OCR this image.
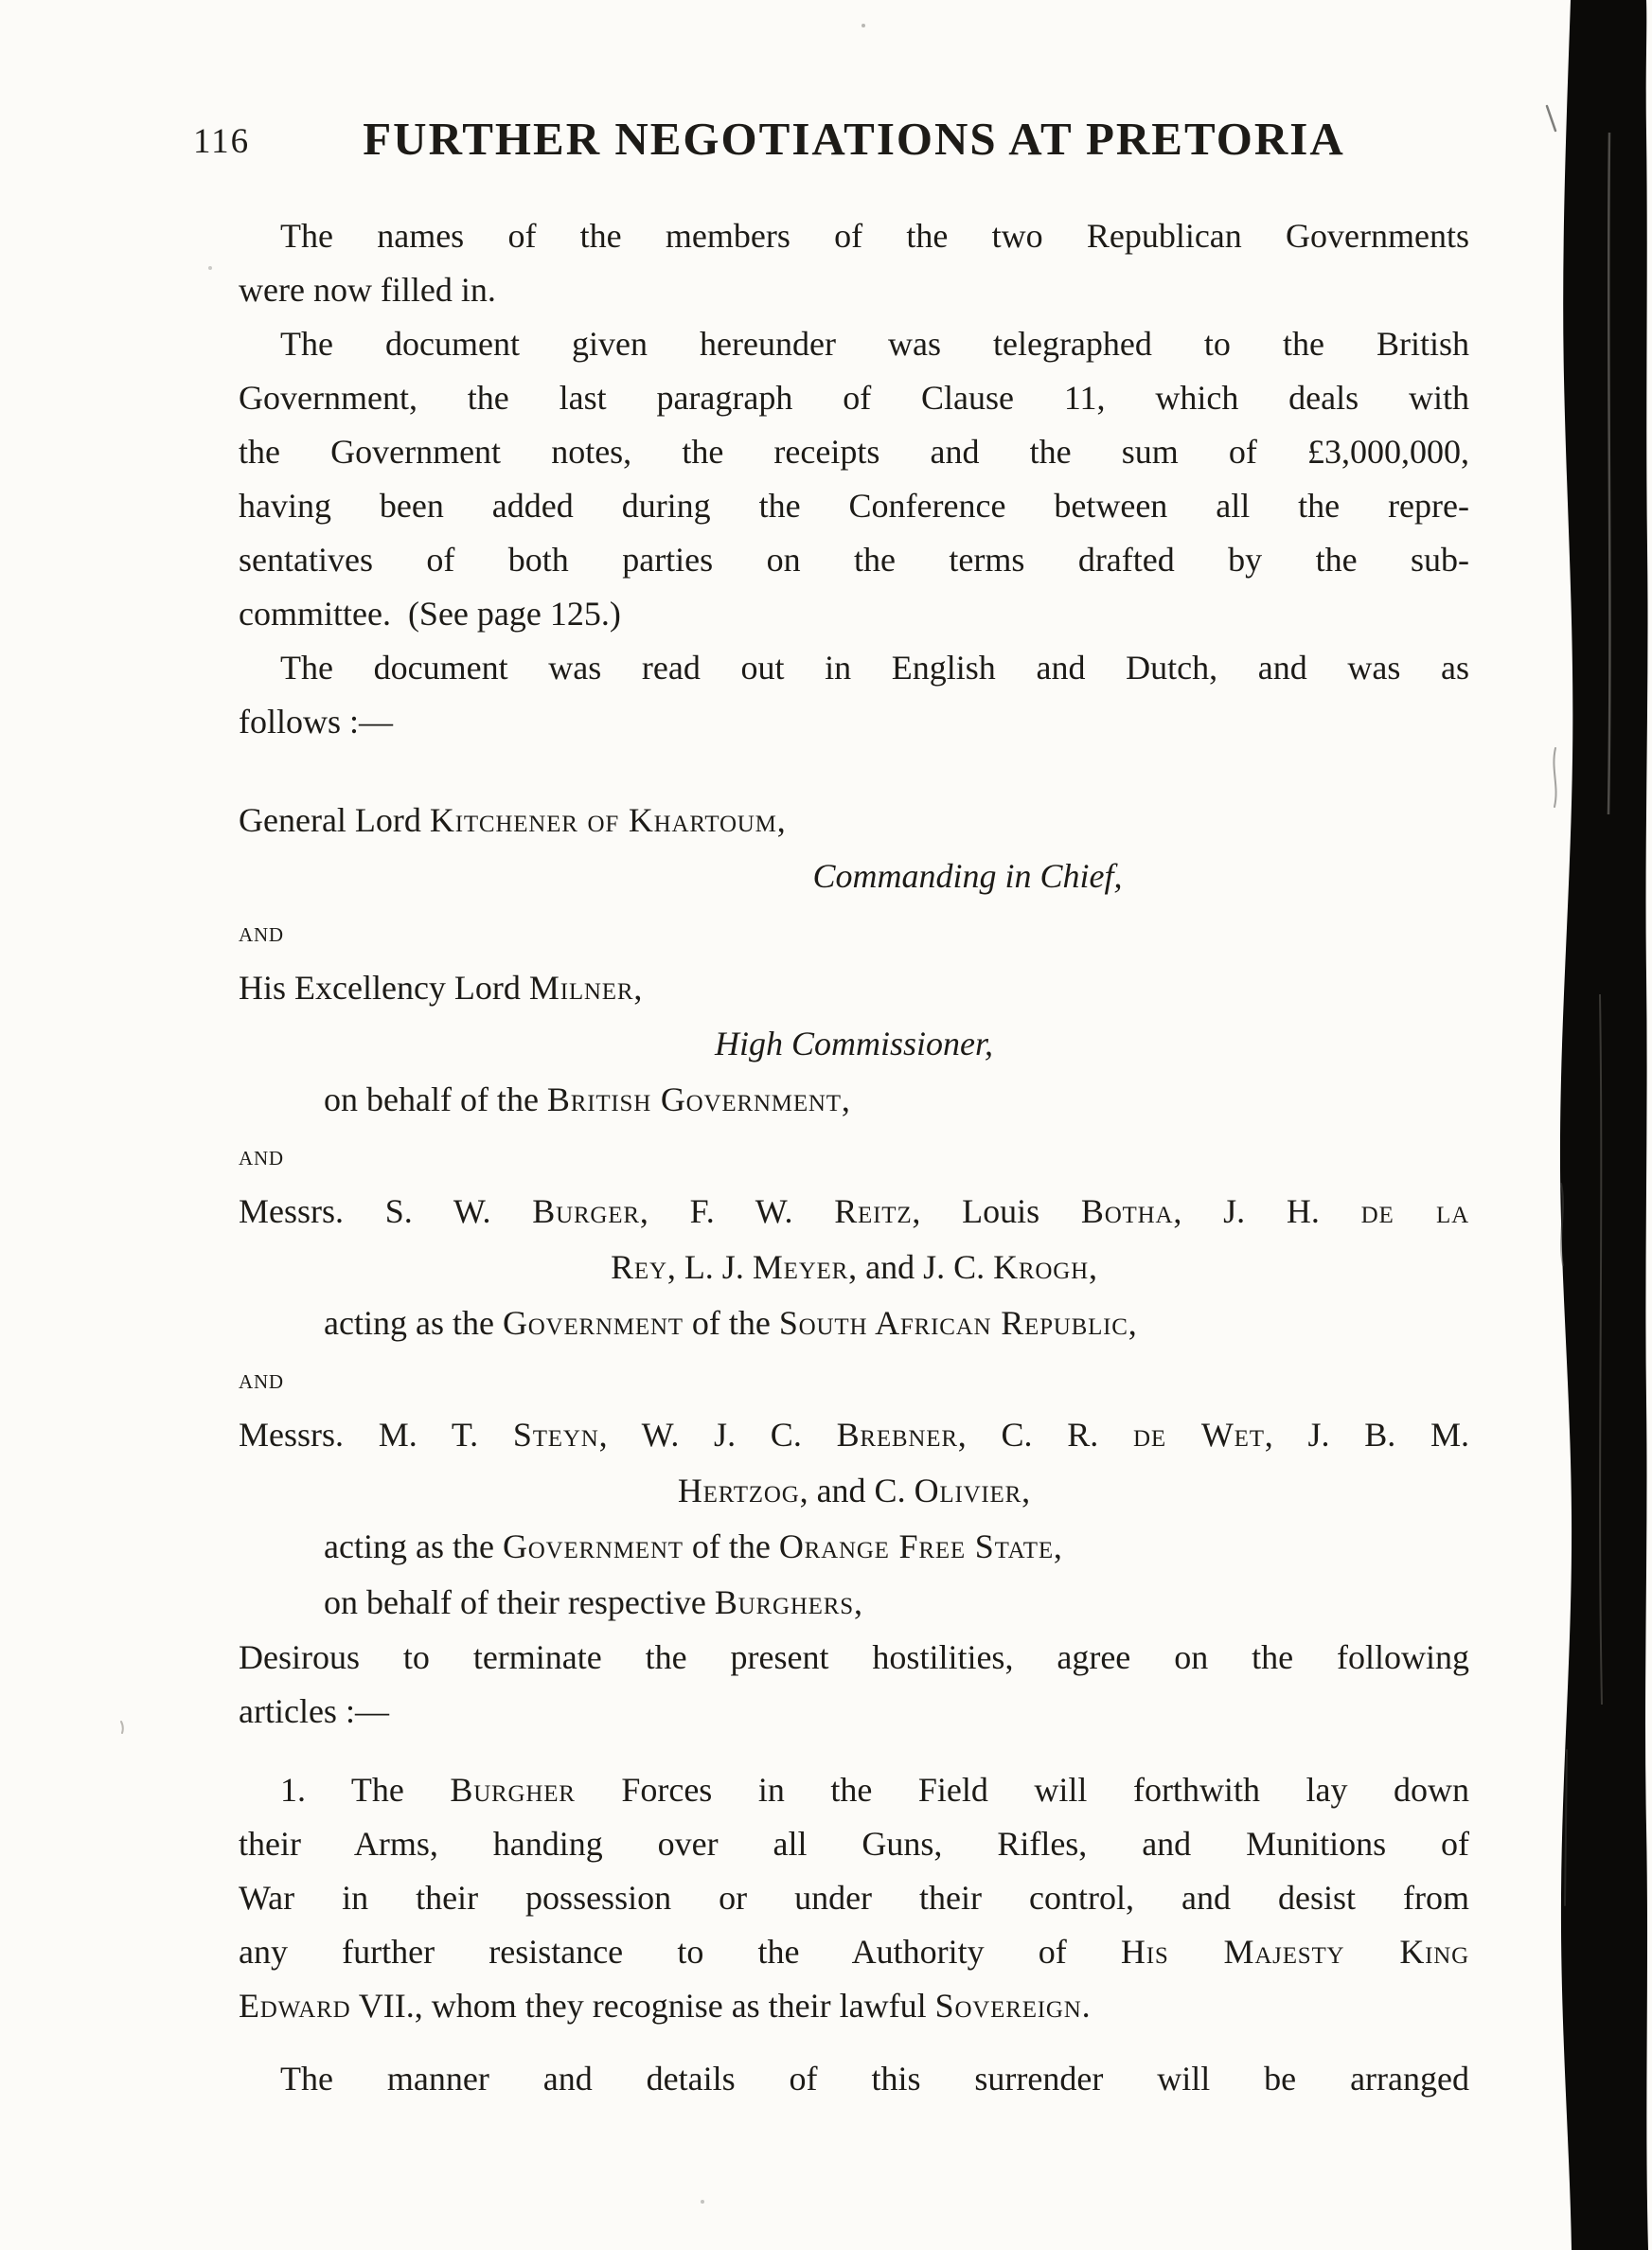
116	FURTHER NEGOTIATIONS AT PRETORIA
The names of the members of the two Republican Governments
were now filled in.
The document given hereunder was telegraphed to the British
Government, the last paragraph of Clause 11, which deals with
the Government notes, the receipts and the sum of £3,000,000,
having been added during the Conference between all the repre-
sentatives of both parties on the terms drafted by the sub-
committee.  (See page 125.)
The document was read out in English and Dutch, and was as
follows :—
General Lord Kitchener of Khartoum,
Commanding in Chief,
and
His Excellency Lord Milner,
High Commissioner,
on behalf of the British Government,
and
Messrs. S. W. Burger, F. W. Reitz, Louis Botha, J. H. de la
Rey, L. J. Meyer, and J. C. Krogh,
acting as the Government of the South African Republic,
and
Messrs. M. T. Steyn, W. J. C. Brebner, C. R. de Wet, J. B. M.
Hertzog, and C. Olivier,
acting as the Government of the Orange Free State,
on behalf of their respective Burghers,
Desirous to terminate the present hostilities, agree on the following
articles :—
1. The Burgher Forces in the Field will forthwith lay down
their Arms, handing over all Guns, Rifles, and Munitions of
War in their possession or under their control, and desist from
any further resistance to the Authority of His Majesty King
Edward VII., whom they recognise as their lawful Sovereign.
The manner and details of this surrender will be arranged
